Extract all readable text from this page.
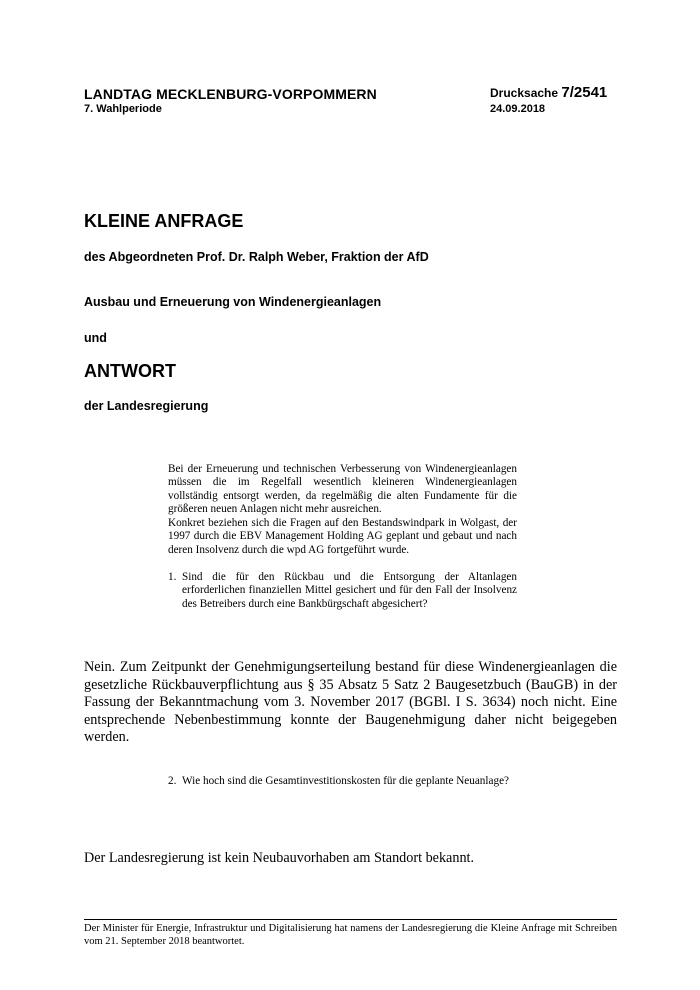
LANDTAG MECKLENBURG-VORPOMMERN
7. Wahlperiode
Drucksache 7/2541
24.09.2018
KLEINE ANFRAGE
des Abgeordneten Prof. Dr. Ralph Weber, Fraktion der AfD
Ausbau und Erneuerung von Windenergieanlagen
und
ANTWORT
der Landesregierung
Bei der Erneuerung und technischen Verbesserung von Windenergieanlagen müssen die im Regelfall wesentlich kleineren Windenergieanlagen vollständig entsorgt werden, da regelmäßig die alten Fundamente für die größeren neuen Anlagen nicht mehr ausreichen.
Konkret beziehen sich die Fragen auf den Bestandswindpark in Wolgast, der 1997 durch die EBV Management Holding AG geplant und gebaut und nach deren Insolvenz durch die wpd AG fortgeführt wurde.
1. Sind die für den Rückbau und die Entsorgung der Altanlagen erforderlichen finanziellen Mittel gesichert und für den Fall der Insolvenz des Betreibers durch eine Bankbürgschaft abgesichert?
Nein. Zum Zeitpunkt der Genehmigungserteilung bestand für diese Windenergieanlagen die gesetzliche Rückbauverpflichtung aus § 35 Absatz 5 Satz 2 Baugesetzbuch (BauGB) in der Fassung der Bekanntmachung vom 3. November 2017 (BGBl. I S. 3634) noch nicht. Eine entsprechende Nebenbestimmung konnte der Baugenehmigung daher nicht beigegeben werden.
2. Wie hoch sind die Gesamtinvestitionskosten für die geplante Neuanlage?
Der Landesregierung ist kein Neubauvorhaben am Standort bekannt.
Der Minister für Energie, Infrastruktur und Digitalisierung hat namens der Landesregierung die Kleine Anfrage mit Schreiben vom 21. September 2018 beantwortet.
